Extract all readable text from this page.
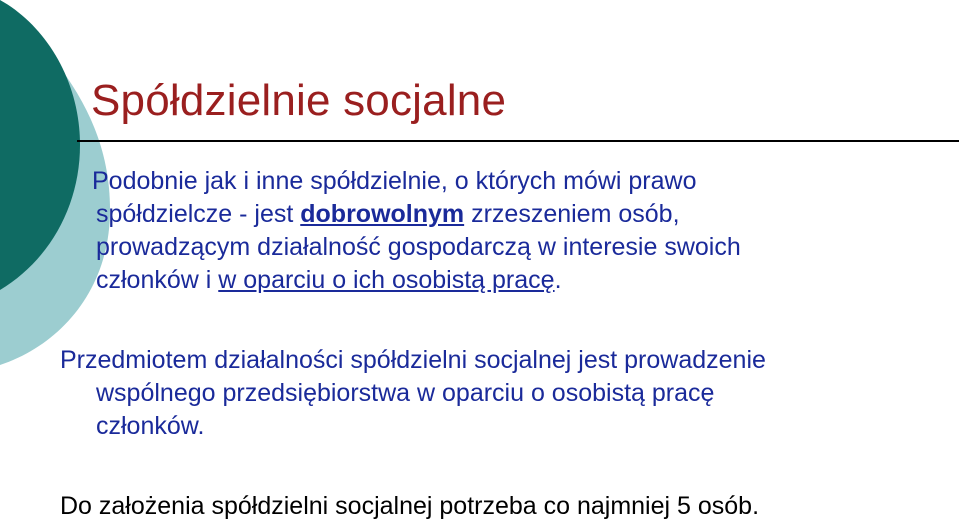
Spółdzielnie socjalne
Podobnie jak i inne spółdzielnie, o których mówi prawo
spółdzielcze - jest dobrowolnym zrzeszeniem osób,
prowadzącym działalność gospodarczą w interesie swoich
członków i w oparciu o ich osobistą pracę.
Przedmiotem działalności spółdzielni socjalnej jest prowadzenie
wspólnego przedsiębiorstwa w oparciu o osobistą pracę
członków.
Do założenia spółdzielni socjalnej potrzeba co najmniej 5 osób.
